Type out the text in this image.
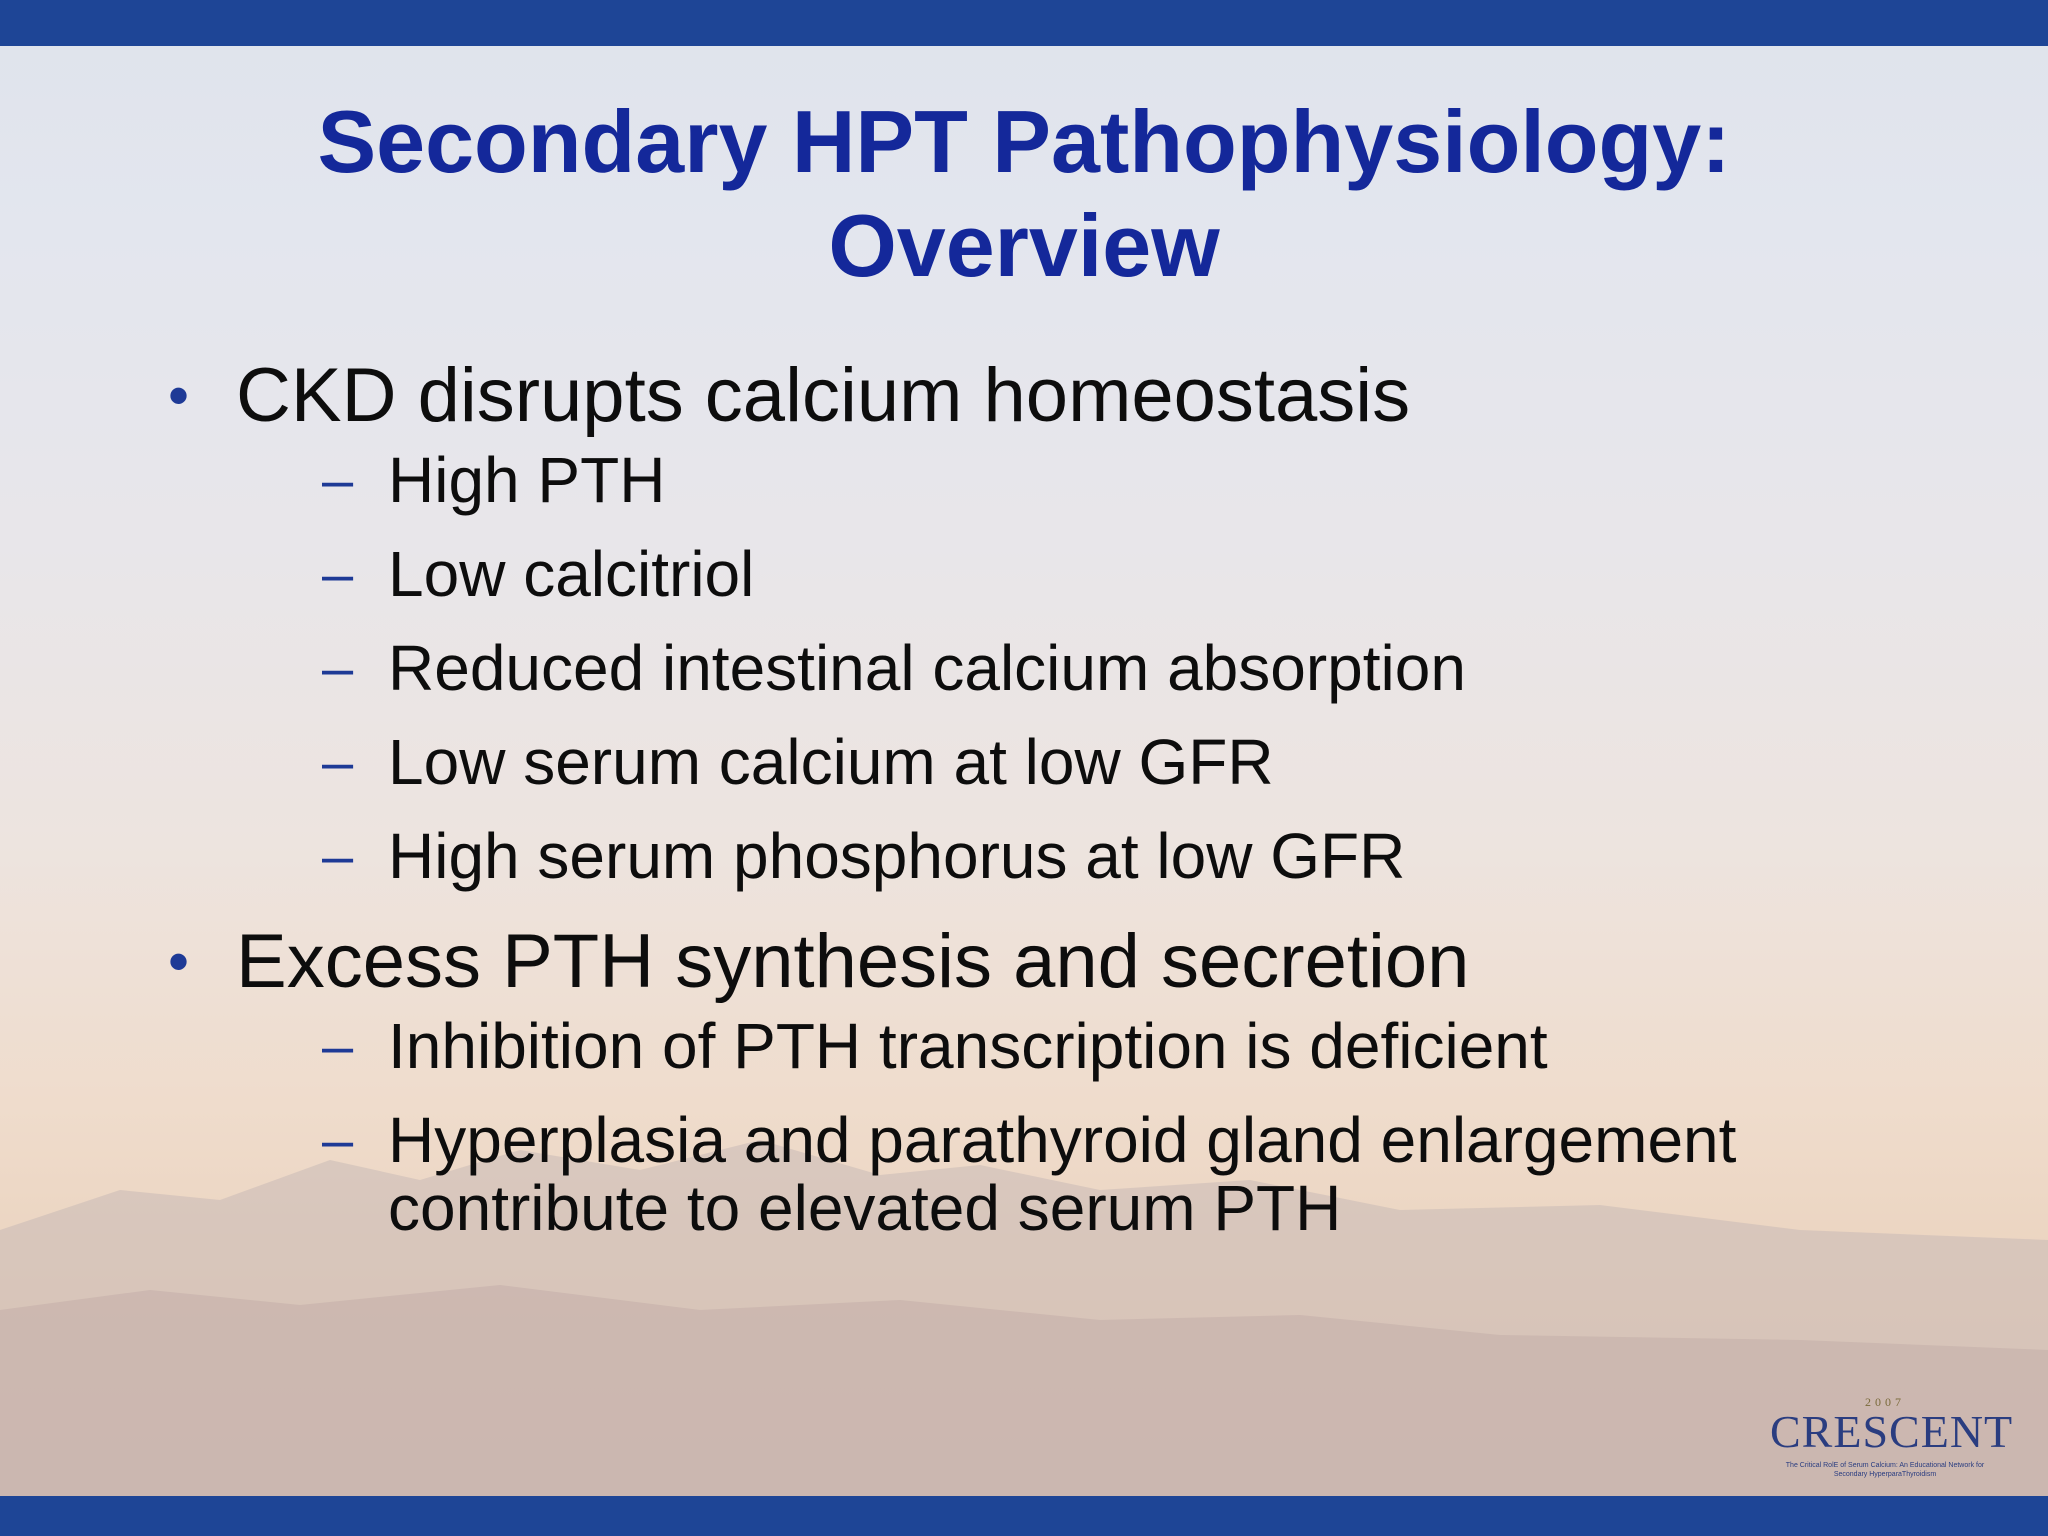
Secondary HPT Pathophysiology:
Overview
• CKD disrupts calcium homeostasis
– High PTH
– Low calcitriol
– Reduced intestinal calcium absorption
– Low serum calcium at low GFR
– High serum phosphorus at low GFR
• Excess PTH synthesis and secretion
– Inhibition of PTH transcription is deficient
– Hyperplasia and parathyroid gland enlargement contribute to elevated serum PTH
2007
CRESCENT
The Critical RolE of Serum Calcium: An Educational Network for Secondary HyperparaThyroidism
